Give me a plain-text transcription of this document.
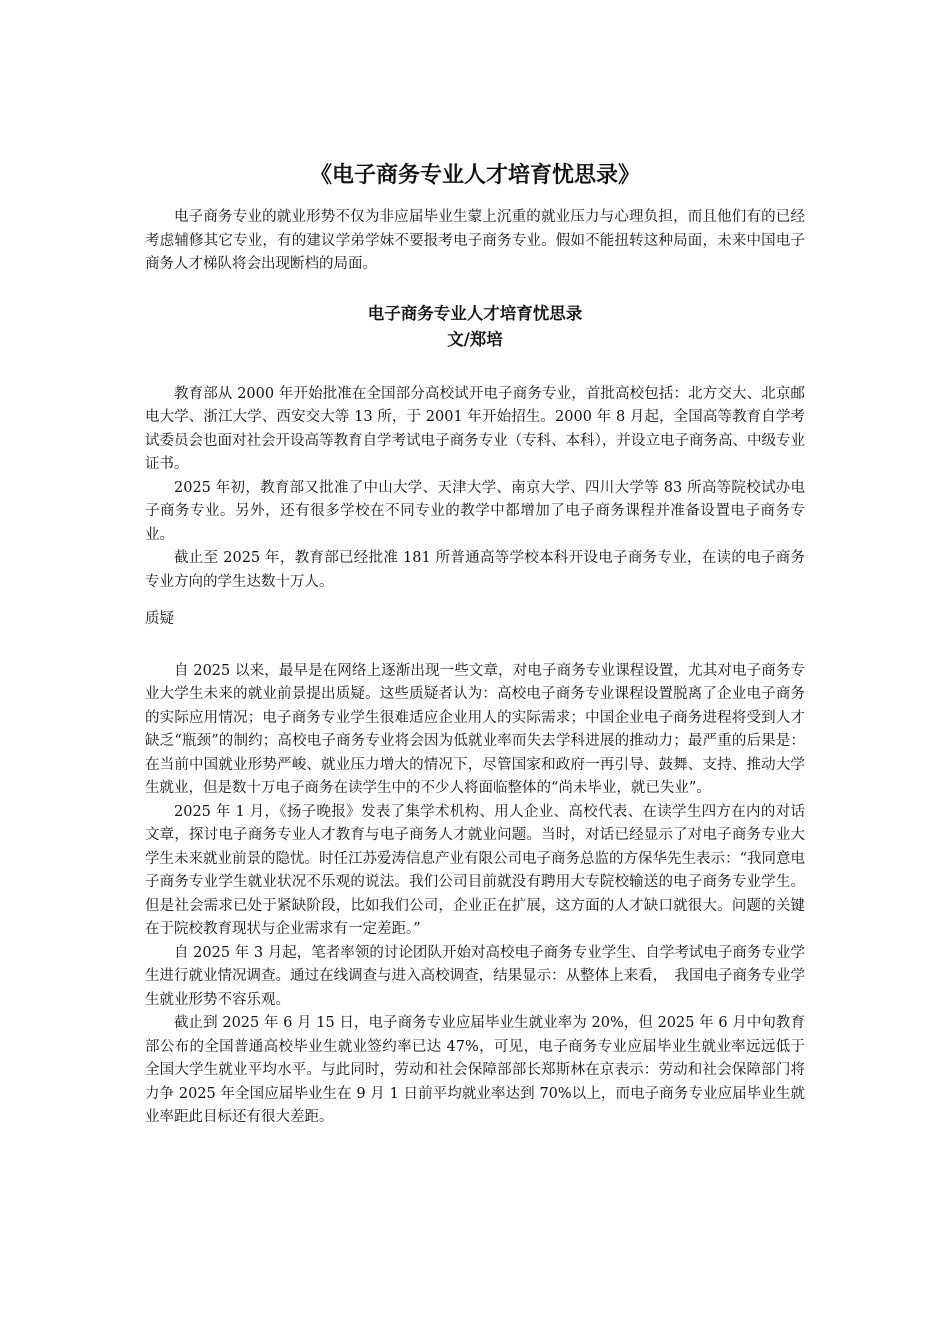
《电子商务专业人才培育忧思录》

电子商务专业的就业形势不仅为非应届毕业生蒙上沉重的就业压力与心理负担，而且他们有的已经考虑辅修其它专业，有的建议学弟学妹不要报考电子商务专业。假如不能扭转这种局面，未来中国电子商务人才梯队将会出现断档的局面。

电子商务专业人才培育忧思录

文/郑培

教育部从 2000 年开始批准在全国部分高校试开电子商务专业，首批高校包括：北方交大、北京邮电大学、浙江大学、西安交大等 13 所，于 2001 年开始招生。2000 年 8 月起，全国高等教育自学考试委员会也面对社会开设高等教育自学考试电子商务专业（专科、本科），并设立电子商务高、中级专业证书。

2025 年初，教育部又批准了中山大学、天津大学、南京大学、四川大学等 83 所高等院校试办电子商务专业。另外，还有很多学校在不同专业的教学中都增加了电子商务课程并准备设置电子商务专业。

截止至 2025 年，教育部已经批准 181 所普通高等学校本科开设电子商务专业，在读的电子商务专业方向的学生达数十万人。

质疑

自 2025 以来，最早是在网络上逐渐出现一些文章，对电子商务专业课程设置，尤其对电子商务专业大学生未来的就业前景提出质疑。这些质疑者认为：高校电子商务专业课程设置脱离了企业电子商务的实际应用情况；电子商务专业学生很难适应企业用人的实际需求；中国企业电子商务进程将受到人才缺乏“瓶颈”的制约；高校电子商务专业将会因为低就业率而失去学科进展的推动力；最严重的后果是：在当前中国就业形势严峻、就业压力增大的情况下，尽管国家和政府一再引导、鼓舞、支持、推动大学生就业，但是数十万电子商务在读学生中的不少人将面临整体的“尚未毕业，就已失业”。

2025 年 1 月，《扬子晚报》发表了集学术机构、用人企业、高校代表、在读学生四方在内的对话文章，探讨电子商务专业人才教育与电子商务人才就业问题。当时，对话已经显示了对电子商务专业大学生未来就业前景的隐忧。时任江苏爱涛信息产业有限公司电子商务总监的方保华先生表示：“我同意电子商务专业学生就业状况不乐观的说法。我们公司目前就没有聘用大专院校输送的电子商务专业学生。但是社会需求已处于紧缺阶段，比如我们公司，企业正在扩展，这方面的人才缺口就很大。问题的关键在于院校教育现状与企业需求有一定差距。”

自 2025 年 3 月起，笔者率领的讨论团队开始对高校电子商务专业学生、自学考试电子商务专业学生进行就业情况调查。通过在线调查与进入高校调查，结果显示：从整体上来看，　我国电子商务专业学生就业形势不容乐观。

截止到 2025 年 6 月 15 日，电子商务专业应届毕业生就业率为 20%，但 2025 年 6 月中旬教育部公布的全国普通高校毕业生就业签约率已达 47%，可见，电子商务专业应届毕业生就业率远远低于全国大学生就业平均水平。与此同时，劳动和社会保障部部长郑斯林在京表示：劳动和社会保障部门将力争 2025 年全国应届毕业生在 9 月 1 日前平均就业率达到 70%以上，而电子商务专业应届毕业生就业率距此目标还有很大差距。
